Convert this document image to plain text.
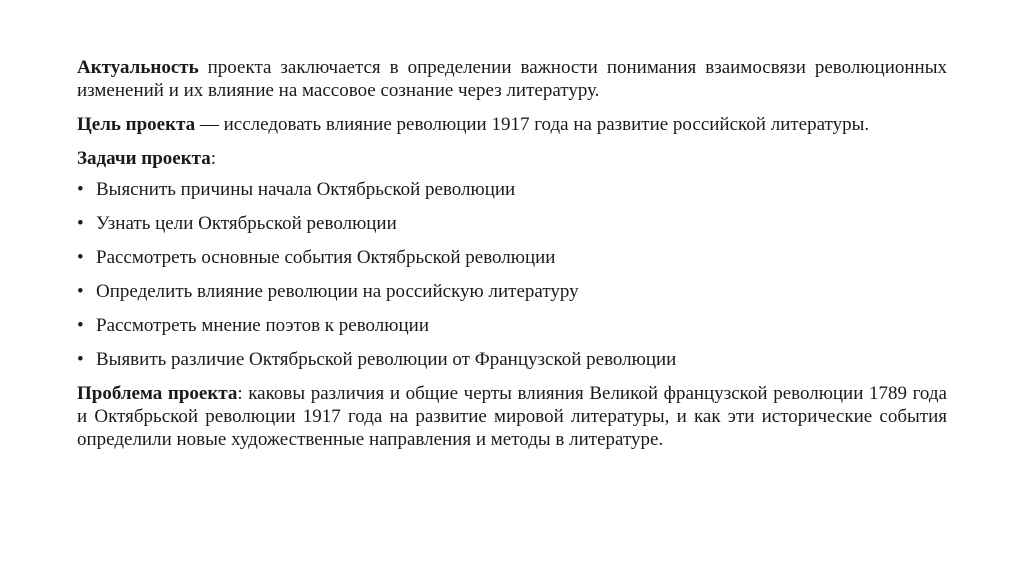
Актуальность проекта заключается в определении важности понимания взаимосвязи революционных изменений и их влияние на массовое сознание через литературу.

Цель проекта — исследовать влияние революции 1917 года на развитие российской литературы.

Задачи проекта:

• Выяснить причины начала Октябрьской революции
• Узнать цели Октябрьской революции
• Рассмотреть основные события Октябрьской революции
• Определить влияние революции на российскую литературу
• Рассмотреть мнение поэтов к революции
• Выявить различие Октябрьской революции от Французской революции

Проблема проекта: каковы различия и общие черты влияния Великой французской революции 1789 года и Октябрьской революции 1917 года на развитие мировой литературы, и как эти исторические события определили новые художественные направления и методы в литературе.
